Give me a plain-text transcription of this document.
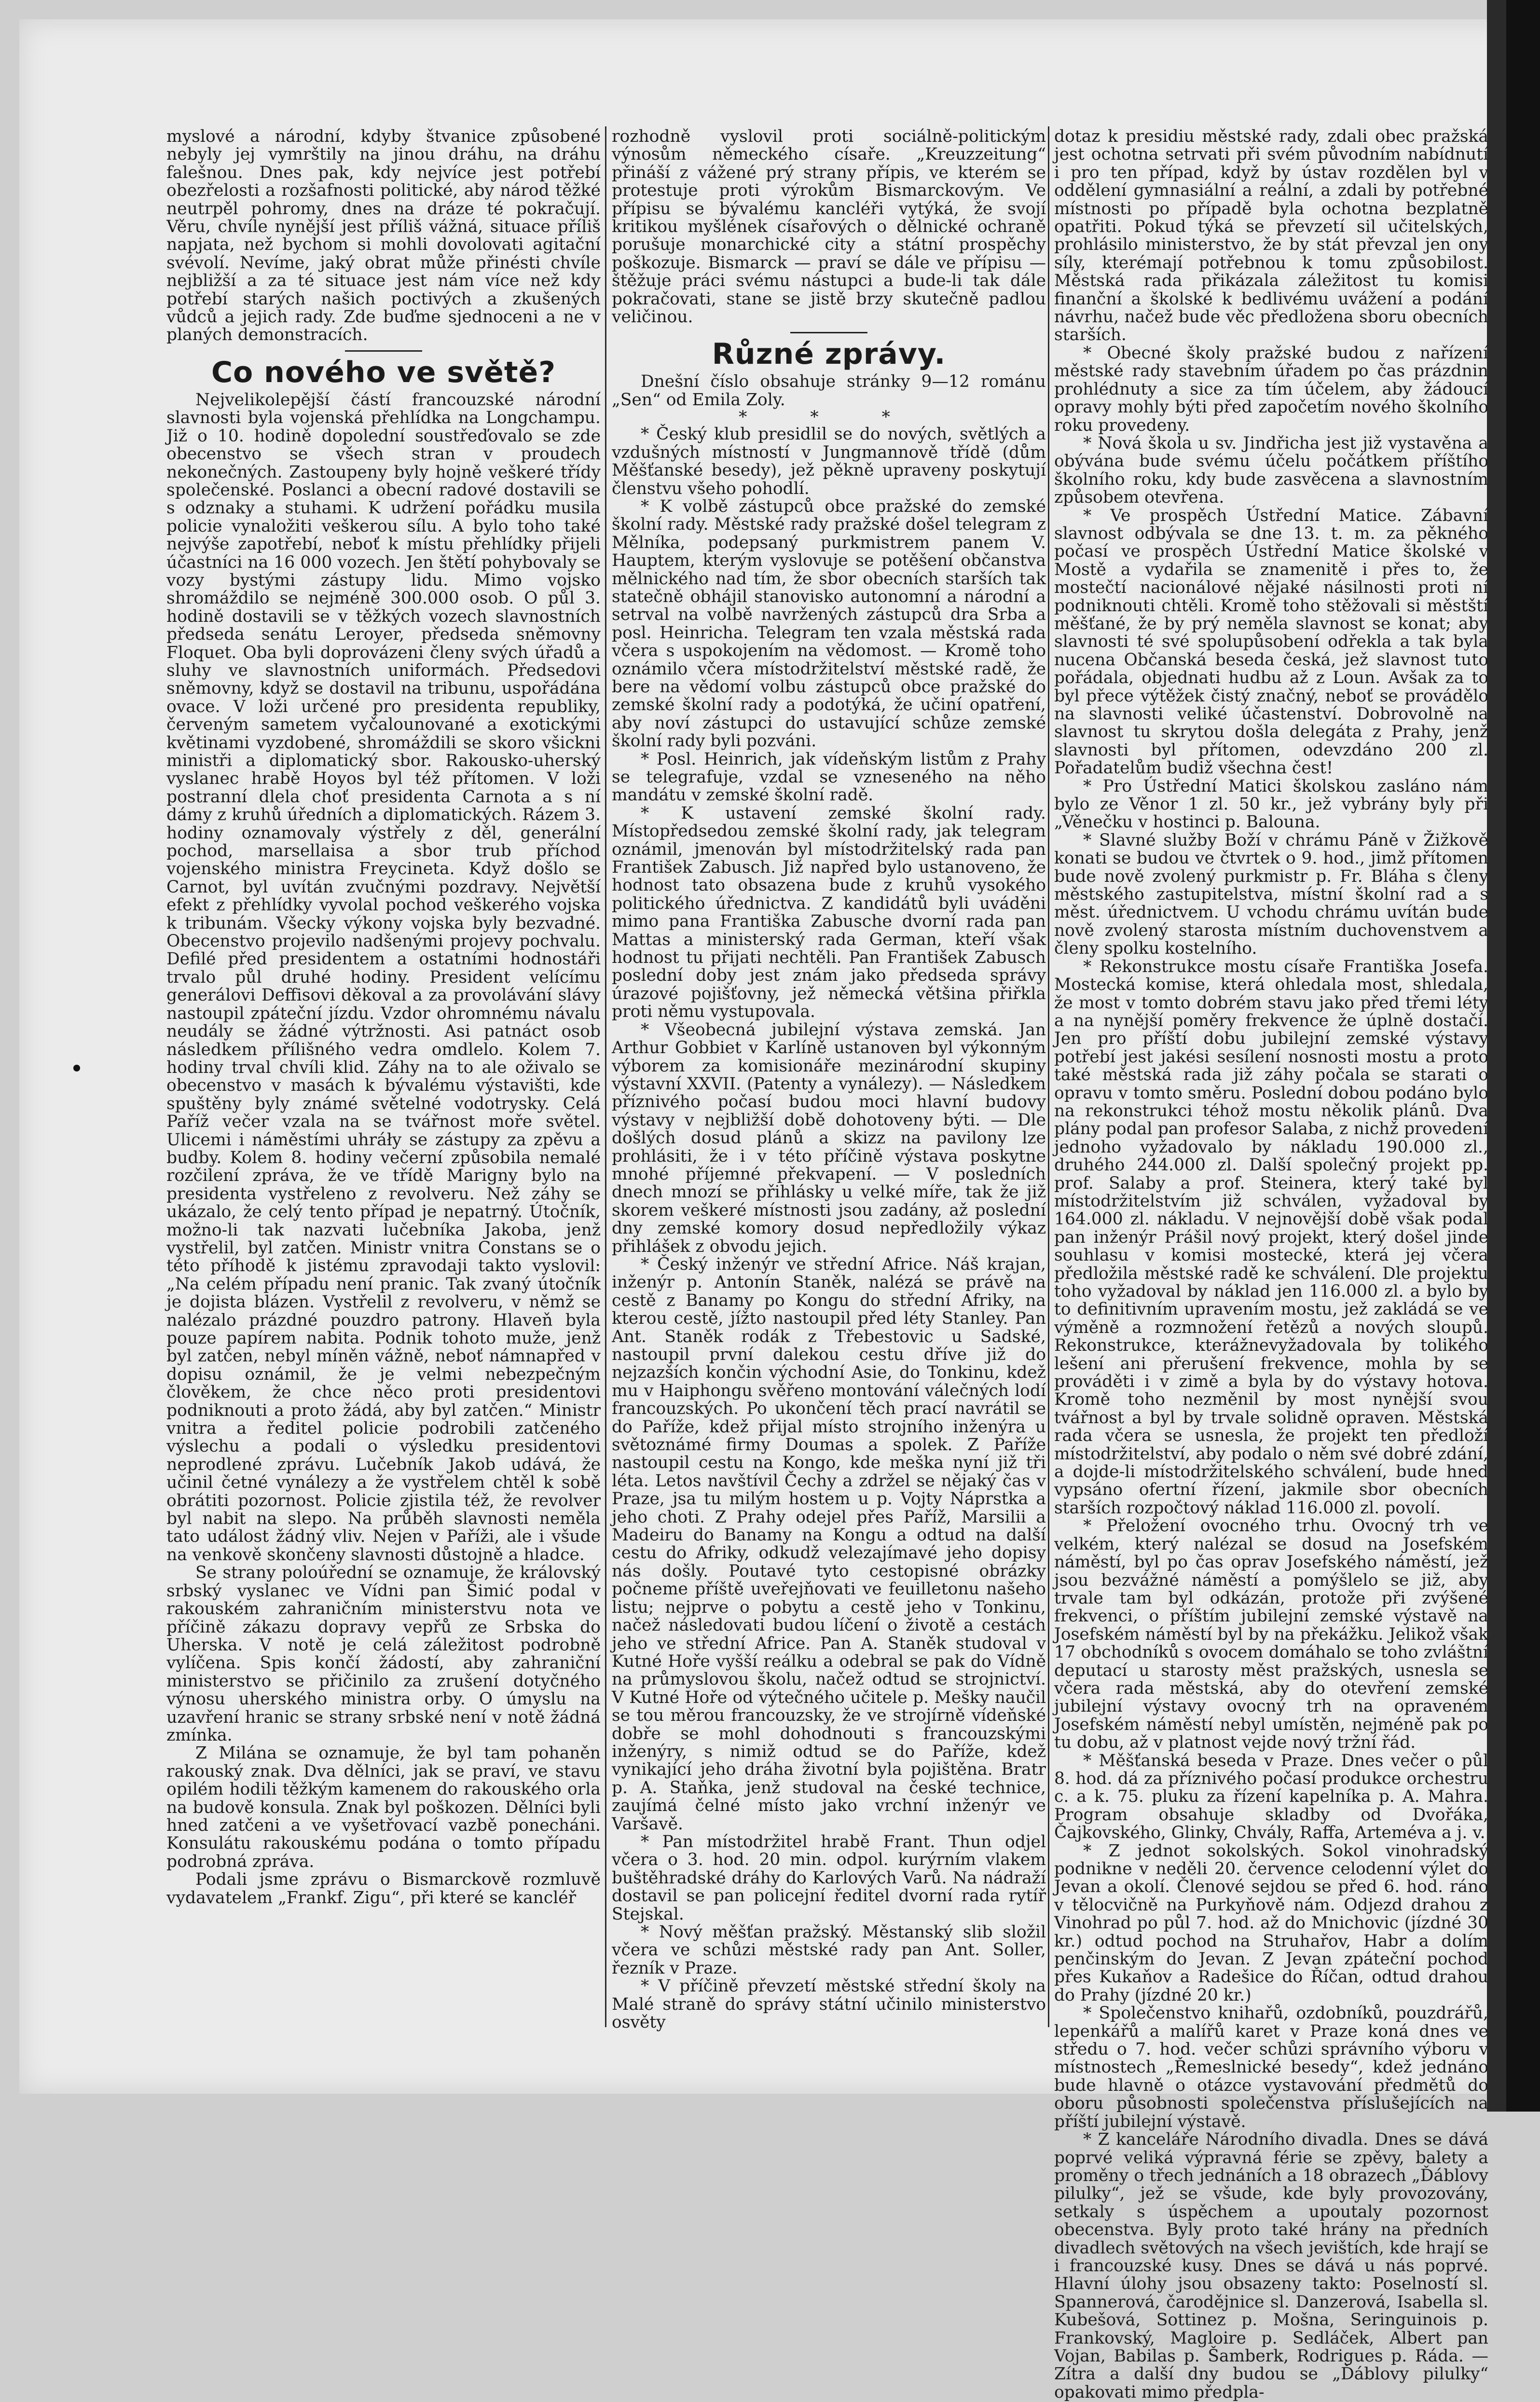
myslové a národní, kdyby štvanice způsobené nebyly jej vymrštily na jinou dráhu, na dráhu falešnou. Dnes pak, kdy nejvíce jest potřebí obezřelosti a rozšafnosti politické, aby národ těžké neutrpěl pohromy, dnes na dráze té pokračují. Věru, chvíle nynější jest příliš vážná, situace příliš napjata, než bychom si mohli dovolovati agitační svévolí. Nevíme, jaký obrat může přinésti chvíle nejbližší a za té situace jest nám více než kdy potřebí starých našich poctivých a zkušených vůdců a jejich rady. Zde buďme sjednoceni a ne v planých demonstracích.

Co nového ve světě?

Nejvelikolepější částí francouzské národní slavnosti byla vojenská přehlídka na Longchampu. Již o 10. hodině dopolední soustřeďovalo se zde obecenstvo se všech stran v proudech nekonečných. Zastoupeny byly hojně veškeré třídy společenské. Poslanci a obecní radové dostavili se s odznaky a stuhami. K udržení pořádku musila policie vynaložiti veškerou sílu. A bylo toho také nejvýše zapotřebí, neboť k místu přehlídky přijeli účastníci na 16 000 vozech. Jen štětí pohybovaly se vozy bystými zástupy lidu. Mimo vojsko shromáždilo se nejméně 300.000 osob. O půl 3. hodině dostavili se v těžkých vozech slavnostních předseda senátu Leroyer, předseda sněmovny Floquet. Oba byli doprovázeni členy svých úřadů a sluhy ve slavnostních uniformách. Předsedovi sněmovny, když se dostavil na tribunu, uspořádána ovace. V loži určené pro presidenta republiky, červeným sametem vyčalounované a exotickými květinami vyzdobené, shromáždili se skoro všickni ministři a diplomatický sbor. Rakousko-uherský vyslanec hrabě Hoyos byl též přítomen. V loži postranní dlela choť presidenta Carnota a s ní dámy z kruhů úředních a diplomatických. Rázem 3. hodiny oznamovaly výstřely z děl, generální pochod, marsellaisa a sbor trub příchod vojenského ministra Freycineta. Když došlo se Carnot, byl uvítán zvučnými pozdravy. Největší efekt z přehlídky vyvolal pochod veškerého vojska k tribunám. Všecky výkony vojska byly bezvadné. Obecenstvo projevilo nadšenými projevy pochvalu. Defilé před presidentem a ostatními hodnostáři trvalo půl druhé hodiny. President velícímu generálovi Deffisovi děkoval a za provolávání slávy nastoupil zpáteční jízdu. Vzdor ohromnému návalu neudály se žádné výtržnosti. Asi patnáct osob následkem přílišného vedra omdlelo. Kolem 7. hodiny trval chvíli klid. Záhy na to ale oživalo se obecenstvo v masách k bývalému výstavišti, kde spuštěny byly známé světelné vodotrysky. Celá Paříž večer vzala na se tvářnost moře světel. Ulicemi i náměstími uhráły se zástupy za zpěvu a budby. Kolem 8. hodiny večerní způsobila nemalé rozčilení zpráva, že ve třídě Marigny bylo na presidenta vystřeleno z revolveru. Než záhy se ukázalo, že celý tento případ je nepatrný. Útočník, možno-li tak nazvati lučebníka Jakoba, jenž vystřelil, byl zatčen. Ministr vnitra Constans se o této příhodě k jistému zpravodaji takto vyslovil: „Na celém případu není pranic. Tak zvaný útočník je dojista blázen. Vystřelil z revolveru, v němž se nalézalo prázdné pouzdro patrony. Hlaveň byla pouze papírem nabita. Podnik tohoto muže, jenž byl zatčen, nebyl míněn vážně, neboť námnapřed v dopisu oznámil, že je velmi nebezpečným člověkem, že chce něco proti presidentovi podniknouti a proto žádá, aby byl zatčen.“ Ministr vnitra a ředitel policie podrobili zatčeného výslechu a podali o výsledku presidentovi neprodlené zprávu. Lučebník Jakob udává, že učinil četné vynálezy a že vystřelem chtěl k sobě obrátiti pozornost. Policie zjistila též, že revolver byl nabit na slepo. Na průběh slavnosti neměla tato událost žádný vliv. Nejen v Paříži, ale i všude na venkově skončeny slavnosti důstojně a hladce.

Se strany poloúřední se oznamuje, že královský srbský vyslanec ve Vídni pan Šimić podal v rakouském zahraničním ministerstvu nota ve příčině zákazu dopravy vepřů ze Srbska do Uherska. V notě je celá záležitost podrobně vylíčena. Spis končí žádostí, aby zahraniční ministerstvo se přičinilo za zrušení dotyčného výnosu uherského ministra orby. O úmyslu na uzavření hranic se strany srbské není v notě žádná zmínka.

Z Milána se oznamuje, že byl tam pohaněn rakouský znak. Dva dělníci, jak se praví, ve stavu opilém hodili těžkým kamenem do rakouského orla na budově konsula. Znak byl poškozen. Dělníci byli hned zatčeni a ve vyšetřovací vazbě ponecháni. Konsulátu rakouskému podána o tomto případu podrobná zpráva.

Podali jsme zprávu o Bismarckově rozmluvě vydavatelem „Frankf. Zigu“, při které se kancléř

rozhodně vyslovil proti sociálně-politickým výnosům německého císaře. „Kreuzzeitung“ přináší z vážené prý strany přípis, ve kterém se protestuje proti výrokům Bismarckovým. Ve přípisu se bývalému kancléři vytýká, že svojí kritikou myšlének císařových o dělnické ochraně porušuje monarchické city a státní prospěchy poškozuje. Bismarck — praví se dále ve přípisu — štěžuje práci svému nástupci a bude-li tak dále pokračovati, stane se jistě brzy skutečně padlou veličinou.

Různé zprávy.

Dnešní číslo obsahuje stránky 9—12 románu „Sen“ od Emila Zoly.

* * *

* Český klub presidlil se do nových, světlých a vzdušných místností v Jungmannově třídě (dům Měšťanské besedy), jež pěkně upraveny poskytují členstvu všeho pohodlí.

* K volbě zástupců obce pražské do zemské školní rady. Městské rady pražské došel telegram z Mělníka, podepsaný purkmistrem panem V. Hauptem, kterým vyslovuje se potěšení občanstva mělnického nad tím, že sbor obecních starších tak statečně obhájil stanovisko autonomní a národní a setrval na volbě navržených zástupců dra Srba a posl. Heinricha. Telegram ten vzala městská rada včera s uspokojením na vědomost. — Kromě toho oznámilo včera místodržitelství městské radě, že bere na vědomí volbu zástupců obce pražské do zemské školní rady a podotýká, že učiní opatření, aby noví zástupci do ustavující schůze zemské školní rady byli pozváni.

* Posl. Heinrich, jak vídeňským listům z Prahy se telegrafuje, vzdal se vzneseného na něho mandátu v zemské školní radě.

* K ustavení zemské školní rady. Místopředsedou zemské školní rady, jak telegram oznámil, jmenován byl místodržitelský rada pan František Zabusch. Již napřed bylo ustanoveno, že hodnost tato obsazena bude z kruhů vysokého politického úřednictva. Z kandidátů byli uváděni mimo pana Františka Zabusche dvorní rada pan Mattas a ministerský rada German, kteří však hodnost tu přijati nechtěli. Pan František Zabusch poslední doby jest znám jako předseda správy úrazové pojišťovny, jež německá většina přiřkla proti němu vystupovala.

* Všeobecná jubilejní výstava zemská. Jan Arthur Gobbiet v Karlíně ustanoven byl výkonným výborem za komisionáře mezinárodní skupiny výstavní XXVII. (Patenty a vynálezy). — Následkem příznivého počasí budou moci hlavní budovy výstavy v nejbližší době dohotoveny býti. — Dle došlých dosud plánů a skizz na pavilony lze prohlásiti, že i v této příčině výstava poskytne mnohé příjemné překvapení. — V posledních dnech mnozí se přihlásky u velké míře, tak že již skorem veškeré místnosti jsou zadány, až poslední dny zemské komory dosud nepředložily výkaz přihlášek z obvodu jejich.

* Český inženýr ve střední Africe. Náš krajan, inženýr p. Antonín Staněk, nalézá se právě na cestě z Banamy po Kongu do střední Afriky, na kterou cestě, jížto nastoupil před léty Stanley. Pan Ant. Staněk rodák z Třebestovic u Sadské, nastoupil první dalekou cestu dříve již do nejzazších končin východní Asie, do Tonkinu, kdež mu v Haiphongu svěřeno montování válečných lodí francouzských. Po ukončení těch prací navrátil se do Paříže, kdež přijal místo strojního inženýra u světoznámé firmy Doumas a spolek. Z Paříže nastoupil cestu na Kongo, kde meška nyní již tři léta. Letos navštívil Čechy a zdržel se nějaký čas v Praze, jsa tu milým hostem u p. Vojty Náprstka a jeho choti. Z Prahy odejel přes Paříž, Marsilii a Madeiru do Banamy na Kongu a odtud na další cestu do Afriky, odkudž velezajímavé jeho dopisy nás došly. Poutavé tyto cestopisné obrázky počneme příště uveřejňovati ve feuilletonu našeho listu; nejprve o pobytu a cestě jeho v Tonkinu, načež následovati budou líčení o životě a cestách jeho ve střední Africe. Pan A. Staněk studoval v Kutné Hoře vyšší reálku a odebral se pak do Vídně na průmyslovou školu, načež odtud se strojnictví. V Kutné Hoře od výtečného učitele p. Mešky naučil se tou měrou francouzsky, že ve strojírně vídeňské dobře se mohl dohodnouti s francouzskými inženýry, s nimiž odtud se do Paříže, kdež vynikající jeho dráha životní byla pojištěna. Bratr p. A. Staňka, jenž studoval na české technice, zaujímá čelné místo jako vrchní inženýr ve Varšavě.

* Pan místodržitel hrabě Frant. Thun odjel včera o 3. hod. 20 min. odpol. kurýrním vlakem buštěhradské dráhy do Karlových Varů. Na nádraží dostavil se pan policejní ředitel dvorní rada rytíř Stejskal.

* Nový měšťan pražský. Městanský slib složil včera ve schůzi městské rady pan Ant. Soller, řezník v Praze.

* V příčině převzetí městské střední školy na Malé straně do správy státní učinilo ministerstvo osvěty

dotaz k presidiu městské rady, zdali obec pražská jest ochotna setrvati při svém původním nabídnutí i pro ten případ, když by ústav rozdělen byl v oddělení gymnasiální a reální, a zdali by potřebné místnosti po případě byla ochotna bezplatně opatřiti. Pokud týká se převzetí sil učitelských, prohlásilo ministerstvo, že by stát převzal jen ony síly, kterémají potřebnou k tomu způsobilost. Městská rada přikázala záležitost tu komisi finanční a školské k bedlivému uvážení a podání návrhu, načež bude věc předložena sboru obecních starších.

* Obecné školy pražské budou z nařízení městské rady stavebním úřadem po čas prázdnin prohlédnuty a sice za tím účelem, aby žádoucí opravy mohly býti před započetím nového školního roku provedeny.

* Nová škola u sv. Jindřicha jest již vystavěna a obývána bude svému účelu počátkem příštího školního roku, kdy bude zasvěcena a slavnostním způsobem otevřena.

* Ve prospěch Ústřední Matice. Zábavní slavnost odbývala se dne 13. t. m. za pěkného počasí ve prospěch Ústřední Matice školské v Mostě a vydařila se znamenitě i přes to, že mostečtí nacionálové nějaké násilnosti proti ní podniknouti chtěli. Kromě toho stěžovali si městští měšťané, že by prý neměla slavnost se konat; aby slavnosti té své spolupůsobení odřekla a tak byla nucena Občanská beseda česká, jež slavnost tuto pořádala, objednati hudbu až z Loun. Avšak za to byl přece výtěžek čistý značný, neboť se provádělo na slavnosti veliké účastenství. Dobrovolně na slavnost tu skrytou došla delegáta z Prahy, jenž slavnosti byl přítomen, odevzdáno 200 zl. Pořadatelům budiž všechna čest!

* Pro Ústřední Matici školskou zasláno nám bylo ze Věnor 1 zl. 50 kr., jež vybrány byly při „Věnečku v hostinci p. Balouna.

* Slavné služby Boží v chrámu Páně v Žižkově konati se budou ve čtvrtek o 9. hod., jimž přítomen bude nově zvolený purkmistr p. Fr. Bláha s členy městského zastupitelstva, místní školní rad a s měst. úřednictvem. U vchodu chrámu uvítán bude nově zvolený starosta místním duchovenstvem a členy spolku kostelního.

* Rekonstrukce mostu císaře Františka Josefa. Mostecká komise, která ohledala most, shledala, že most v tomto dobrém stavu jako před třemi léty a na nynější poměry frekvence že úplně dostačí. Jen pro příští dobu jubilejní zemské výstavy potřebí jest jakési sesílení nosnosti mostu a proto také městská rada již záhy počala se starati o opravu v tomto směru. Poslední dobou podáno bylo na rekonstrukci téhož mostu několik plánů. Dva plány podal pan profesor Salaba, z nichž provedení jednoho vyžadovalo by nákladu 190.000 zl., druhého 244.000 zl. Další společný projekt pp. prof. Salaby a prof. Steinera, který také byl místodržitelstvím již schválen, vyžadoval by 164.000 zl. nákladu. V nejnovější době však podal pan inženýr Prášil nový projekt, který došel jinde souhlasu v komisi mostecké, která jej včera předložila městské radě ke schválení. Dle projektu toho vyžadoval by náklad jen 116.000 zl. a bylo by to definitivním upravením mostu, jež zakládá se ve výměně a rozmnožení řetězů a nových sloupů. Rekonstrukce, kterážnevyžadovala by tolikého lešení ani přerušení frekvence, mohla by se prováděti i v zimě a byla by do výstavy hotova. Kromě toho nezměnil by most nynější svou tvářnost a byl by trvale solidně opraven. Městská rada včera se usnesla, že projekt ten předloží místodržitelství, aby podalo o něm své dobré zdání, a dojde-li místodržitelského schválení, bude hned vypsáno ofertní řízení, jakmile sbor obecních starších rozpočtový náklad 116.000 zl. povolí.

* Přeložení ovocného trhu. Ovocný trh ve velkém, který nalézal se dosud na Josefském náměstí, byl po čas oprav Josefského náměstí, jež jsou bezvážné náměstí a pomýšlelo se již, aby trvale tam byl odkázán, protože při zvýšené frekvenci, o příštím jubilejní zemské výstavě na Josefském náměstí byl by na překážku. Jelikož však 17 obchodníků s ovocem domáhalo se toho zvláštní deputací u starosty měst pražských, usnesla se včera rada městská, aby do otevření zemské jubilejní výstavy ovocný trh na opraveném Josefském náměstí nebyl umístěn, nejméně pak po tu dobu, až v platnost vejde nový tržní řád.

* Měšťanská beseda v Praze. Dnes večer o půl 8. hod. dá za příznivého počasí produkce orchestru c. a k. 75. pluku za řízení kapelníka p. A. Mahra. Program obsahuje skladby od Dvořáka, Čajkovského, Glinky, Chvály, Raffa, Arteméva a j. v.

* Z jednot sokolských. Sokol vinohradský podnikne v neděli 20. července celodenní výlet do Jevan a okolí. Členové sejdou se před 6. hod. ráno v tělocvičně na Purkyňově nám. Odjezd drahou z Vinohrad po půl 7. hod. až do Mnichovic (jízdné 30 kr.) odtud pochod na Struhařov, Habr a dolím penčinským do Jevan. Z Jevan zpáteční pochod přes Kukaňov a Radešice do Říčan, odtud drahou do Prahy (jízdné 20 kr.)

* Společenstvo knihařů, ozdobníků, pouzdrářů, lepenkářů a malířů karet v Praze koná dnes ve středu o 7. hod. večer schůzi správního výboru v místnostech „Řemeslnické besedy“, kdež jednáno bude hlavně o otázce vystavování předmětů do oboru působnosti společenstva příslušejících na příští jubilejní výstavě.

* Z kanceláře Národního divadla. Dnes se dává poprvé veliká výpravná férie se zpěvy, balety a proměny o třech jednáních a 18 obrazech „Ďáblovy pilulky“, jež se všude, kde byly provozovány, setkaly s úspěchem a upoutaly pozornost obecenstva. Byly proto také hrány na předních divadlech světových na všech jevištích, kde hrají se i francouzské kusy. Dnes se dává u nás poprvé. Hlavní úlohy jsou obsazeny takto: Poselností sl. Spannerová, čarodějnice sl. Danzerová, Isabella sl. Kubešová, Sottinez p. Mošna, Seringuinois p. Frankovský, Magloire p. Sedláček, Albert pan Vojan, Babilas p. Šamberk, Rodrigues p. Ráda. — Zítra a další dny budou se „Ďáblovy pilulky“ opakovati mimo předpla-
